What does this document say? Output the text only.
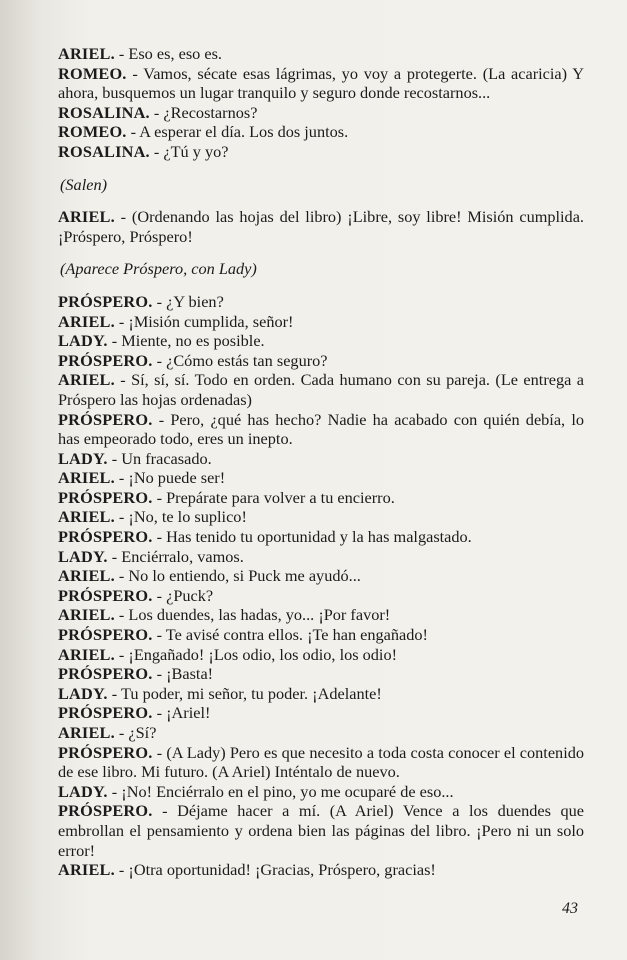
ARIEL. - Eso es, eso es.

ROMEO. - Vamos, sécate esas lágrimas, yo voy a protegerte. (La acaricia) Y ahora, busquemos un lugar tranquilo y seguro donde recostarnos...

ROSALINA. - ¿Recostarnos?

ROMEO. - A esperar el día. Los dos juntos.

ROSALINA. - ¿Tú y yo?

(Salen)

ARIEL. - (Ordenando las hojas del libro) ¡Libre, soy libre! Misión cumplida. ¡Próspero, Próspero!

(Aparece Próspero, con Lady)

PRÓSPERO. - ¿Y bien?

ARIEL. - ¡Misión cumplida, señor!

LADY. - Miente, no es posible.

PRÓSPERO. - ¿Cómo estás tan seguro?

ARIEL. - Sí, sí, sí. Todo en orden. Cada humano con su pareja. (Le entrega a Próspero las hojas ordenadas)

PRÓSPERO. - Pero, ¿qué has hecho? Nadie ha acabado con quién debía, lo has empeorado todo, eres un inepto.

LADY. - Un fracasado.

ARIEL. - ¡No puede ser!

PRÓSPERO. - Prepárate para volver a tu encierro.

ARIEL. - ¡No, te lo suplico!

PRÓSPERO. - Has tenido tu oportunidad y la has malgastado.

LADY. - Enciérralo, vamos.

ARIEL. - No lo entiendo, si Puck me ayudó...

PRÓSPERO. - ¿Puck?

ARIEL. - Los duendes, las hadas, yo... ¡Por favor!

PRÓSPERO. - Te avisé contra ellos. ¡Te han engañado!

ARIEL. - ¡Engañado! ¡Los odio, los odio, los odio!

PRÓSPERO. - ¡Basta!

LADY. - Tu poder, mi señor, tu poder. ¡Adelante!

PRÓSPERO. - ¡Ariel!

ARIEL. - ¿Sí?

PRÓSPERO. - (A Lady) Pero es que necesito a toda costa conocer el contenido de ese libro. Mi futuro. (A Ariel) Inténtalo de nuevo.

LADY. - ¡No! Enciérralo en el pino, yo me ocuparé de eso...

PRÓSPERO. - Déjame hacer a mí. (A Ariel) Vence a los duendes que embrollan el pensamiento y ordena bien las páginas del libro. ¡Pero ni un solo error!

ARIEL. - ¡Otra oportunidad! ¡Gracias, Próspero, gracias!

43
